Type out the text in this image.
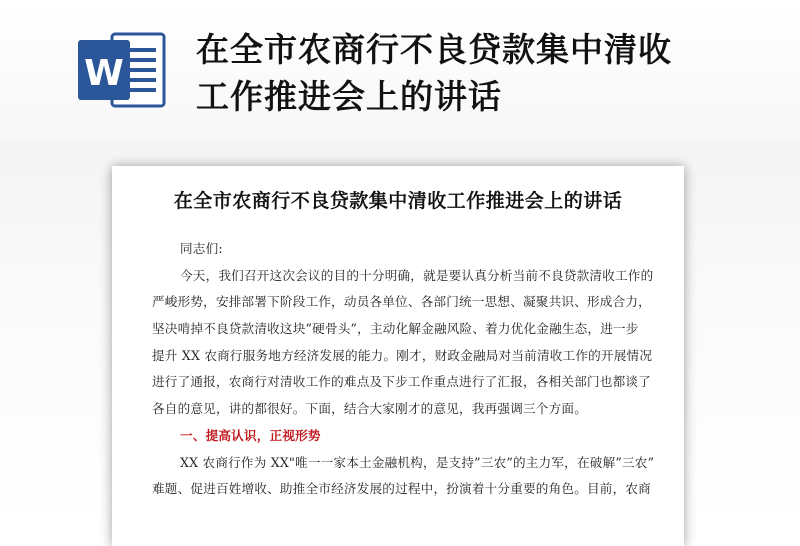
W
在全市农商行不良贷款集中清收
工作推进会上的讲话
在全市农商行不良贷款集中清收工作推进会上的讲话
同志们:
今天，我们召开这次会议的目的十分明确，就是要认真分析当前不良贷款清收工作的
严峻形势，安排部署下阶段工作，动员各单位、各部门统一思想、凝聚共识、形成合力，
坚决啃掉不良贷款清收这块”硬骨头”，主动化解金融风险、着力优化金融生态，进一步
提升 XX 农商行服务地方经济发展的能力。刚才，财政金融局对当前清收工作的开展情况
进行了通报，农商行对清收工作的难点及下步工作重点进行了汇报，各相关部门也都谈了
各自的意见，讲的都很好。下面，结合大家刚才的意见，我再强调三个方面。
一、提高认识，正视形势
XX 农商行作为 XX"唯一一家本土金融机构，是支持”三农”的主力军，在破解”三农”
难题、促进百姓增收、助推全市经济发展的过程中，扮演着十分重要的角色。目前，农商
